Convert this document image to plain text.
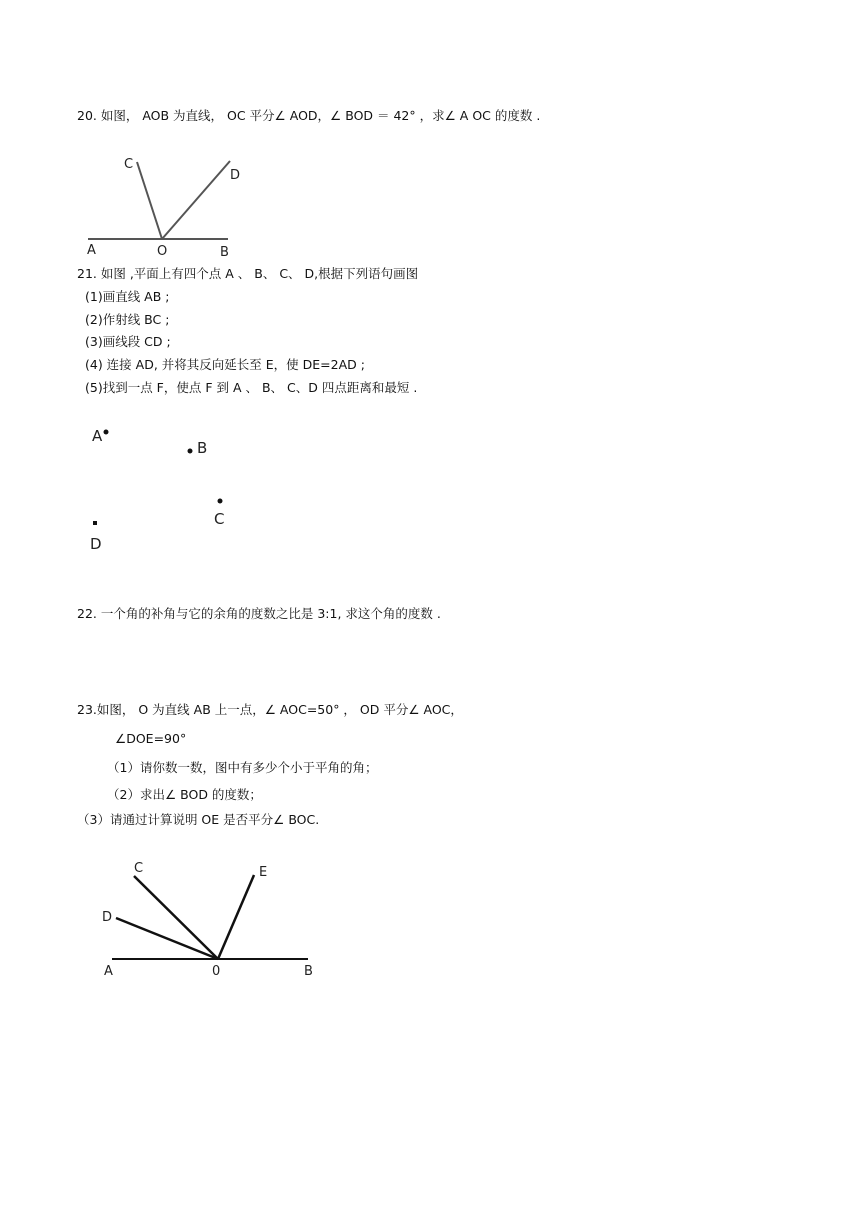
20. 如图， AOB 为直线， OC 平分∠ AOD，∠ BOD ＝ 42° ，求∠ A OC 的度数 .
C
D
A	O	B
21. 如图 ,平面上有四个点 A 、 B、 C、 D,根据下列语句画图
(1)画直线 AB ;
(2)作射线 BC ;
(3)画线段 CD ;
(4) 连接 AD, 并将其反向延长至 E，使 DE=2AD ;
(5)找到一点 F，使点 F 到 A 、 B、 C、D 四点距离和最短 .
A
B
C
D
22. 一个角的补角与它的余角的度数之比是 3:1, 求这个角的度数 .
23.如图， O 为直线 AB 上一点，∠ AOC=50° ， OD 平分∠ AOC，
∠DOE=90°
（1）请你数一数，图中有多少个小于平角的角；
（2）求出∠ BOD 的度数；
（3）请通过计算说明 OE 是否平分∠ BOC.
C	E
D
A	0	B
